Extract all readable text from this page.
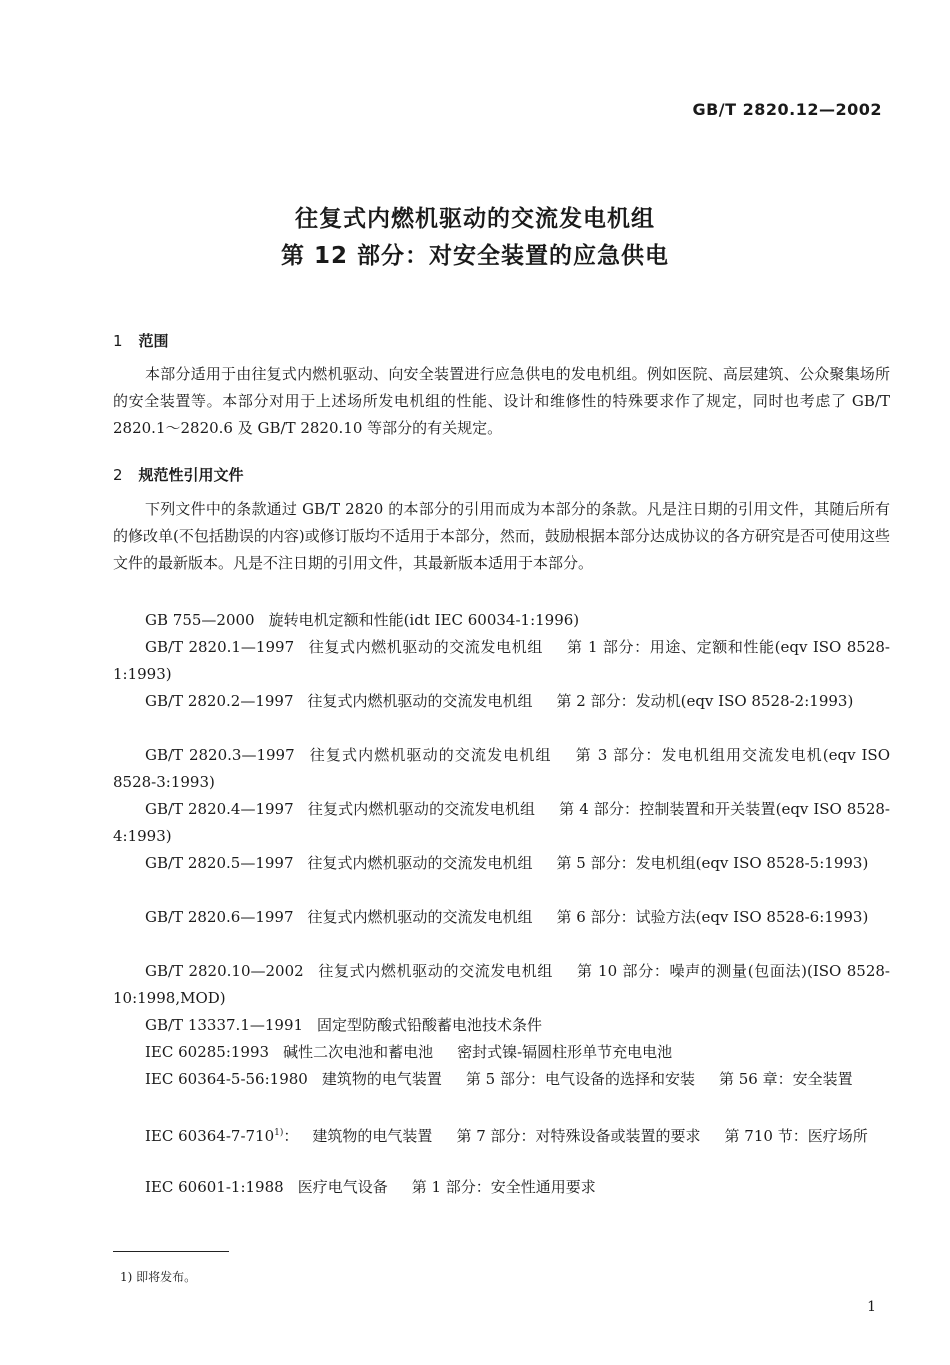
GB/T 2820.12—2002
往复式内燃机驱动的交流发电机组
第 12 部分：对安全装置的应急供电
1 范围

本部分适用于由往复式内燃机驱动、向安全装置进行应急供电的发电机组。例如医院、高层建筑、公众聚集场所的安全装置等。本部分对用于上述场所发电机组的性能、设计和维修性的特殊要求作了规定，同时也考虑了 GB/T 2820.1～2820.6 及 GB/T 2820.10 等部分的有关规定。

2 规范性引用文件

下列文件中的条款通过 GB/T 2820 的本部分的引用而成为本部分的条款。凡是注日期的引用文件，其随后所有的修改单(不包括勘误的内容)或修订版均不适用于本部分，然而，鼓励根据本部分达成协议的各方研究是否可使用这些文件的最新版本。凡是不注日期的引用文件，其最新版本适用于本部分。

GB 755—2000 旋转电机定额和性能(idt IEC 60034-1:1996)

GB/T 2820.1—1997 往复式内燃机驱动的交流发电机组 第 1 部分：用途、定额和性能(eqv ISO 8528-1:1993)

GB/T 2820.2—1997 往复式内燃机驱动的交流发电机组 第 2 部分：发动机(eqv ISO 8528-2:1993)

GB/T 2820.3—1997 往复式内燃机驱动的交流发电机组 第 3 部分：发电机组用交流发电机(eqv ISO 8528-3:1993)

GB/T 2820.4—1997 往复式内燃机驱动的交流发电机组 第 4 部分：控制装置和开关装置(eqv ISO 8528-4:1993)

GB/T 2820.5—1997 往复式内燃机驱动的交流发电机组 第 5 部分：发电机组(eqv ISO 8528-5:1993)

GB/T 2820.6—1997 往复式内燃机驱动的交流发电机组 第 6 部分：试验方法(eqv ISO 8528-6:1993)

GB/T 2820.10—2002 往复式内燃机驱动的交流发电机组 第 10 部分：噪声的测量(包面法)(ISO 8528-10:1998,MOD)

GB/T 13337.1—1991 固定型防酸式铅酸蓄电池技术条件

IEC 60285:1993 碱性二次电池和蓄电池 密封式镍-镉圆柱形单节充电电池

IEC 60364-5-56:1980 建筑物的电气装置 第 5 部分：电气设备的选择和安装 第 56 章：安全装置

IEC 60364-7-710$^{1)}$： 建筑物的电气装置 第 7 部分：对特殊设备或装置的要求 第 710 节：医疗场所

IEC 60601-1:1988 医疗电气设备 第 1 部分：安全性通用要求

1) 即将发布。
1
